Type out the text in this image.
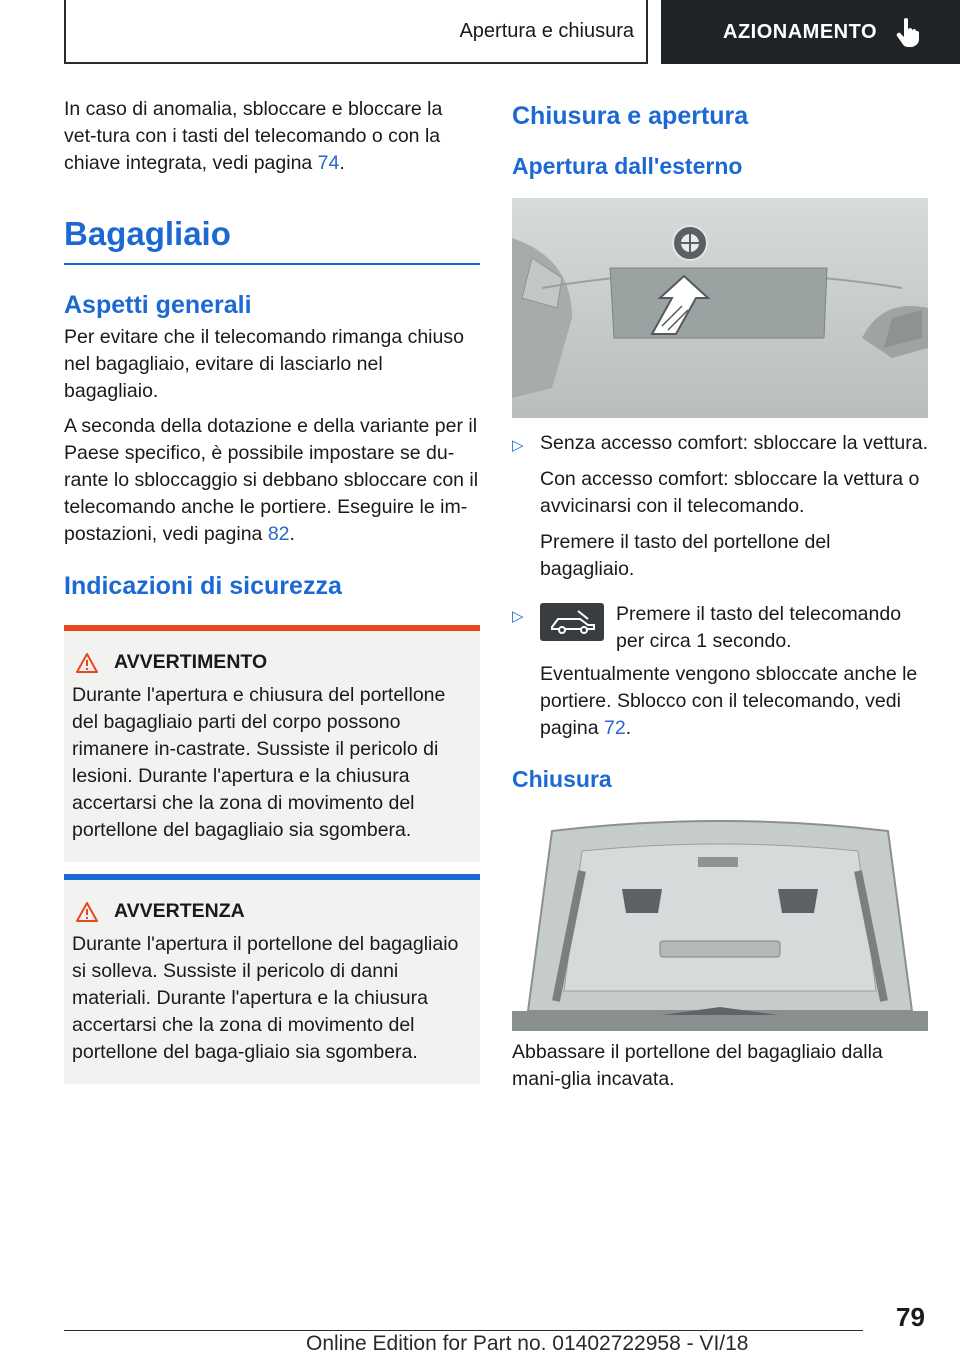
Apertura e chiusura	AZIONAMENTO

In caso di anomalia, sbloccare e bloccare la vet-tura con i tasti del telecomando o con la chiave integrata, vedi pagina 74.

Bagagliaio
Aspetti generali

Per evitare che il telecomando rimanga chiuso nel bagagliaio, evitare di lasciarlo nel bagagliaio.

A seconda della dotazione e della variante per il Paese specifico, è possibile impostare se du-rante lo sbloccaggio si debbano sbloccare con il telecomando anche le portiere. Eseguire le im-postazioni, vedi pagina 82.

Indicazioni di sicurezza
AVVERTIMENTO

Durante l'apertura e chiusura del portellone del bagagliaio parti del corpo possono rimanere in-castrate. Sussiste il pericolo di lesioni. Durante l'apertura e la chiusura accertarsi che la zona di movimento del portellone del bagagliaio sia sgombera.

AVVERTENZA

Durante l'apertura il portellone del bagagliaio si solleva. Sussiste il pericolo di danni materiali. Durante l'apertura e la chiusura accertarsi che la zona di movimento del portellone del baga-gliaio sia sgombera.

Chiusura e apertura
Apertura dall'esterno
▷ Senza accesso comfort: sbloccare la vettura.

Con accesso comfort: sbloccare la vettura o avvicinarsi con il telecomando.

Premere il tasto del portellone del bagagliaio.

▷	Premere il tasto del telecomando per circa 1 secondo.

Eventualmente vengono sbloccate anche le portiere. Sblocco con il telecomando, vedi pagina 72.

Chiusura

Abbassare il portellone del bagagliaio dalla mani-glia incavata.

79
Online Edition for Part no. 01402722958 - VI/18
